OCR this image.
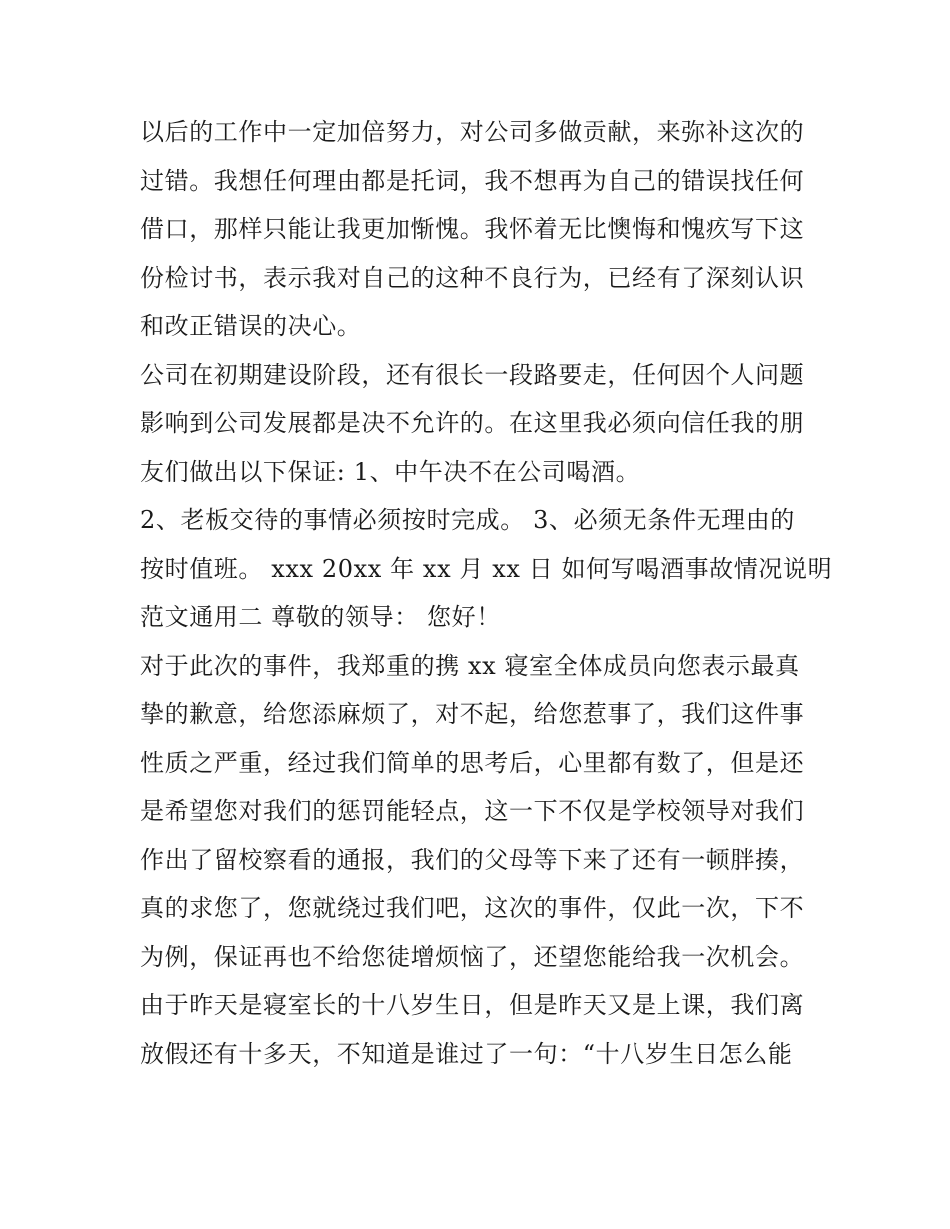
以后的工作中一定加倍努力，对公司多做贡献，来弥补这次的
过错。我想任何理由都是托词，我不想再为自己的错误找任何
借口，那样只能让我更加惭愧。我怀着无比懊悔和愧疚写下这
份检讨书，表示我对自己的这种不良行为，已经有了深刻认识
和改正错误的决心。
公司在初期建设阶段，还有很长一段路要走，任何因个人问题
影响到公司发展都是决不允许的。在这里我必须向信任我的朋
友们做出以下保证: 1、中午决不在公司喝酒。
2、老板交待的事情必须按时完成。 3、必须无条件无理由的
按时值班。 xxx 20xx 年 xx 月 xx 日 如何写喝酒事故情况说明
范文通用二 尊敬的领导： 您好！
对于此次的事件，我郑重的携 xx 寝室全体成员向您表示最真
挚的歉意，给您添麻烦了，对不起，给您惹事了，我们这件事
性质之严重，经过我们简单的思考后，心里都有数了，但是还
是希望您对我们的惩罚能轻点，这一下不仅是学校领导对我们
作出了留校察看的通报，我们的父母等下来了还有一顿胖揍，
真的求您了，您就绕过我们吧，这次的事件，仅此一次，下不
为例，保证再也不给您徒增烦恼了，还望您能给我一次机会。
由于昨天是寝室长的十八岁生日，但是昨天又是上课，我们离
放假还有十多天，不知道是谁过了一句：“十八岁生日怎么能
